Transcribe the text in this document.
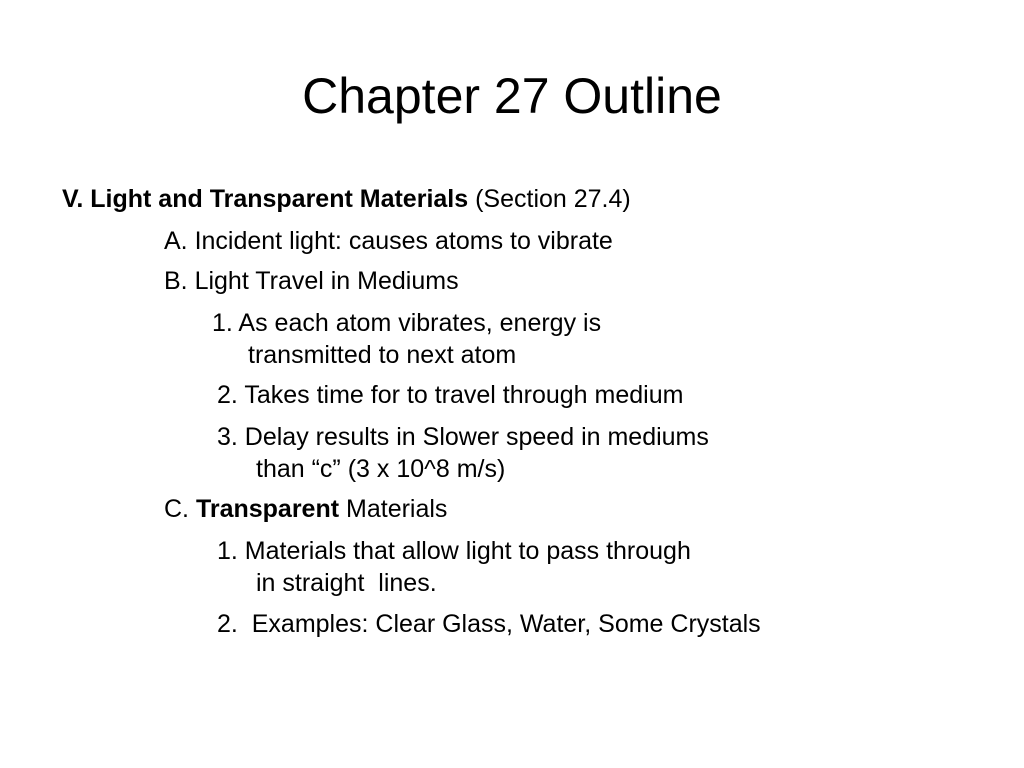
Chapter 27 Outline
V. Light and Transparent Materials (Section 27.4)
A. Incident light: causes atoms to vibrate
B. Light Travel in Mediums
1. As each atom vibrates, energy is
transmitted to next atom
2. Takes time for to travel through medium
3. Delay results in Slower speed in mediums
than “c” (3 x 10^8 m/s)
C. Transparent Materials
1. Materials that allow light to pass through
in straight  lines.
2.  Examples: Clear Glass, Water, Some Crystals
